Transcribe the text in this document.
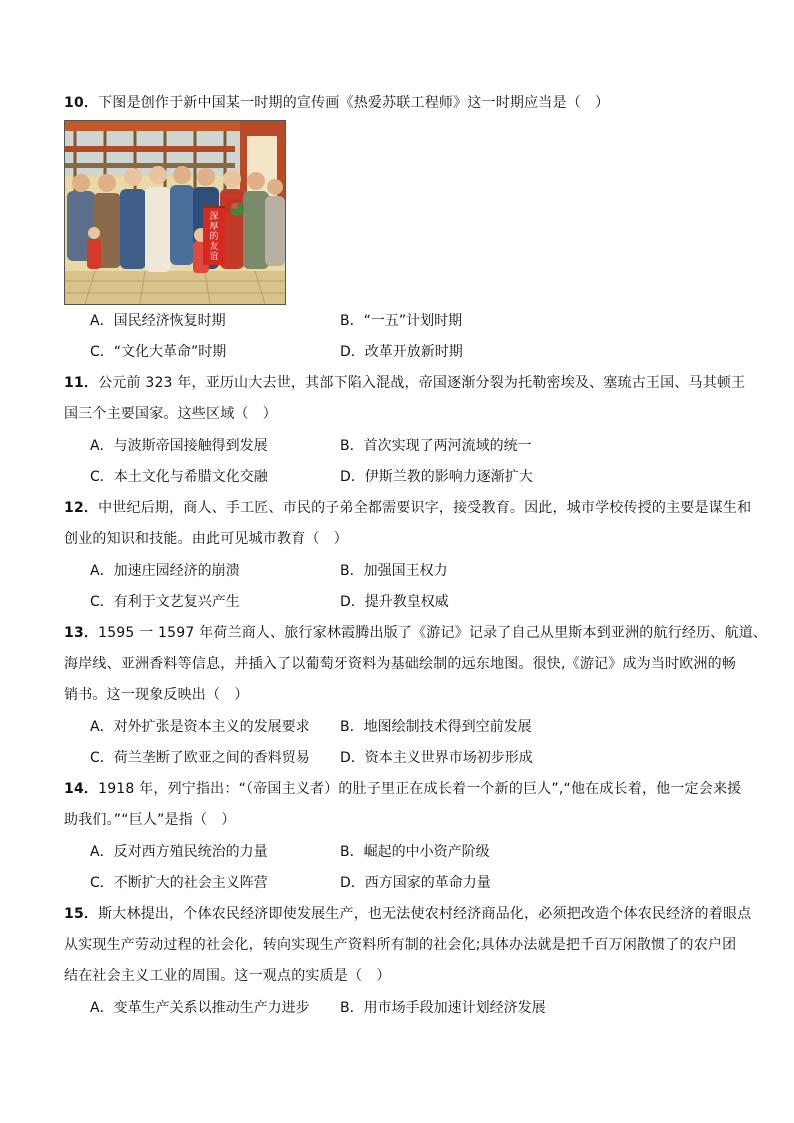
10．下图是创作于新中国某一时期的宣传画《热爱苏联工程师》这一时期应当是（　）
深
厚
的
友
谊
A．国民经济恢复时期	B．“一五”计划时期
C．“文化大革命”时期	D．改革开放新时期
11．公元前 323 年，亚历山大去世，其部下陷入混战，帝国逐渐分裂为托勒密埃及、塞琉古王国、马其顿王
国三个主要国家。这些区域（　）
A．与波斯帝国接触得到发展	B．首次实现了两河流域的统一
C．本土文化与希腊文化交融	D．伊斯兰教的影响力逐渐扩大
12．中世纪后期，商人、手工匠、市民的子弟全都需要识字，接受教育。因此，城市学校传授的主要是谋生和
创业的知识和技能。由此可见城市教育（　）
A．加速庄园经济的崩溃	B．加强国王权力
C．有利于文艺复兴产生	D．提升教皇权威
13．1595 一 1597 年荷兰商人、旅行家林霞腾出版了《游记》记录了自己从里斯本到亚洲的航行经历、航道、
海岸线、亚洲香料等信息，并插入了以葡萄牙资料为基础绘制的远东地图。很快,《游记》成为当时欧洲的畅
销书。这一现象反映出（　）
A．对外扩张是资本主义的发展要求 B．地图绘制技术得到空前发展
C．荷兰垄断了欧亚之间的香料贸易 D．资本主义世界市场初步形成
14．1918 年，列宁指出：“（帝国主义者）的肚子里正在成长着一个新的巨人”,“他在成长着，他一定会来援
助我们。”“巨人”是指（　）
A．反对西方殖民统治的力量	B．崛起的中小资产阶级
C．不断扩大的社会主义阵营	D．西方国家的革命力量
15．斯大林提出，个体农民经济即使发展生产，也无法使农村经济商品化，必须把改造个体农民经济的着眼点
从实现生产劳动过程的社会化，转向实现生产资料所有制的社会化;具体办法就是把千百万闲散惯了的农户团
结在社会主义工业的周围。这一观点的实质是（　）
A．变革生产关系以推动生产力进步 B．用市场手段加速计划经济发展
